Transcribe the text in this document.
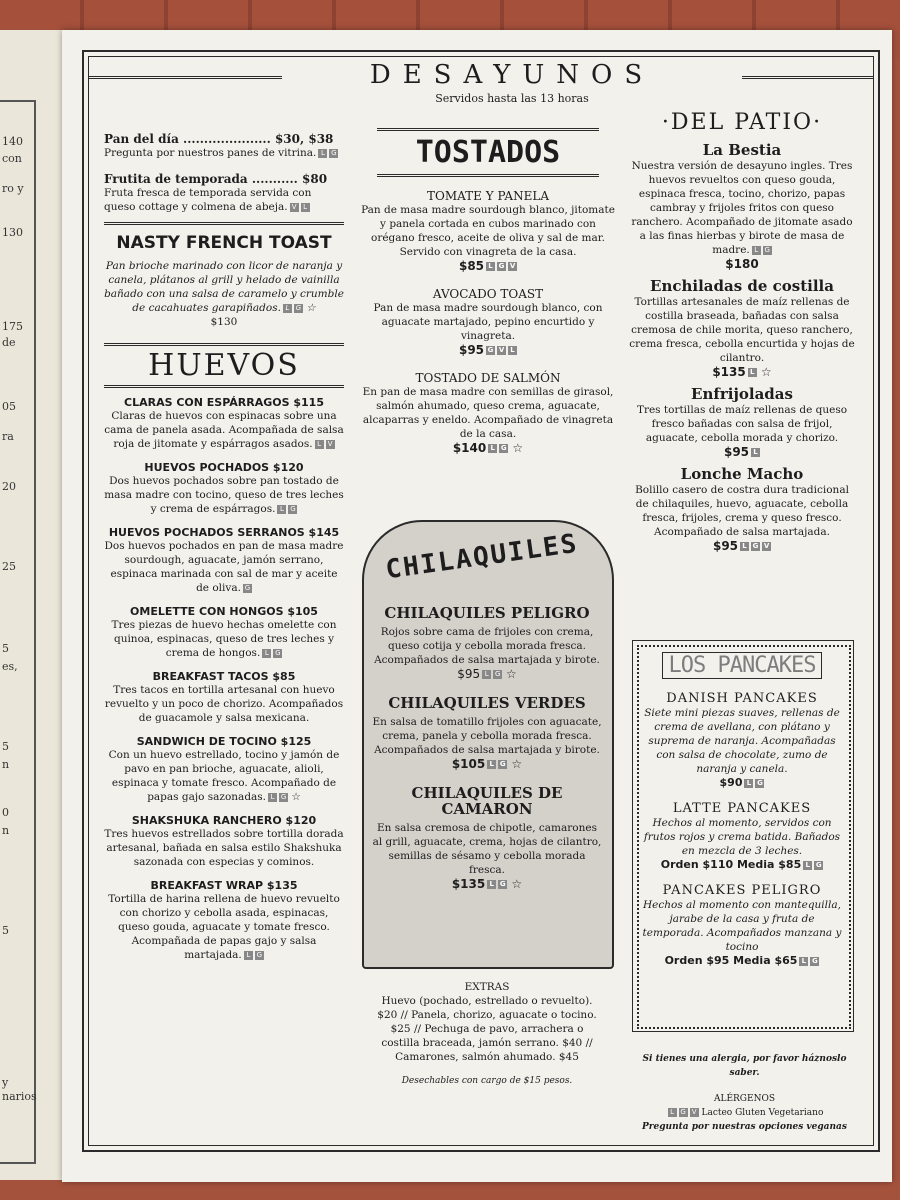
140
con
ro y
130
175
de
05
ra
20
25
5
es,
5
n
0
n
5
y
narios
DESAYUNOS
Servidos hasta las 13 horas
Pan del día ..................... $30, $38
Pregunta por nuestros panes de vitrina. L G
Frutita de temporada ........... $80
Fruta fresca de temporada servida con queso cottage y colmena de abeja. V L
NASTY FRENCH TOAST
Pan brioche marinado con licor de naranja y canela, plátanos al grill y helado de vainilla bañado con una salsa de caramelo y crumble de cacahuates garapiñados. L G ☆
$130
HUEVOS
CLARAS CON ESPÁRRAGOS $115
Claras de huevos con espinacas sobre una cama de panela asada. Acompañada de salsa roja de jitomate y espárragos asados. L V
HUEVOS POCHADOS $120
Dos huevos pochados sobre pan tostado de masa madre con tocino, queso de tres leches y crema de espárragos. L G
HUEVOS POCHADOS SERRANOS $145
Dos huevos pochados en pan de masa madre sourdough, aguacate, jamón serrano, espinaca marinada con sal de mar y aceite de oliva. G
OMELETTE CON HONGOS $105
Tres piezas de huevo hechas omelette con quinoa, espinacas, queso de tres leches y crema de hongos. L G
BREAKFAST TACOS $85
Tres tacos en tortilla artesanal con huevo revuelto y un poco de chorizo. Acompañados de guacamole y salsa mexicana.
SANDWICH DE TOCINO $125
Con un huevo estrellado, tocino y jamón de pavo en pan brioche, aguacate, alioli, espinaca y tomate fresco. Acompañado de papas gajo sazonadas. L G ☆
SHAKSHUKA RANCHERO $120
Tres huevos estrellados sobre tortilla dorada artesanal, bañada en salsa estilo Shakshuka sazonada con especias y cominos.
BREAKFAST WRAP $135
Tortilla de harina rellena de huevo revuelto con chorizo y cebolla asada, espinacas, queso gouda, aguacate y tomate fresco. Acompañada de papas gajo y salsa martajada. L G
TOSTADOS
TOMATE Y PANELA
Pan de masa madre sourdough blanco, jitomate y panela cortada en cubos marinado con orégano fresco, aceite de oliva y sal de mar. Servido con vinagreta de la casa.
$85 L G V
AVOCADO TOAST
Pan de masa madre sourdough blanco, con aguacate martajado, pepino encurtido y vinagreta.
$95 G V L
TOSTADO DE SALMÓN
En pan de masa madre con semillas de girasol, salmón ahumado, queso crema, aguacate, alcaparras y eneldo. Acompañado de vinagreta de la casa.
$140 L G ☆
CHILAQUILES
CHILAQUILES PELIGRO
Rojos sobre cama de frijoles con crema, queso cotija y cebolla morada fresca. Acompañados de salsa martajada y birote.
$95 L G ☆
CHILAQUILES VERDES
En salsa de tomatillo frijoles con aguacate, crema, panela y cebolla morada fresca. Acompañados de salsa martajada y birote.
$105 L G ☆
CHILAQUILES DE CAMARON
En salsa cremosa de chipotle, camarones al grill, aguacate, crema, hojas de cilantro, semillas de sésamo y cebolla morada fresca.
$135 L G ☆
EXTRAS
Huevo (pochado, estrellado o revuelto). $20 // Panela, chorizo, aguacate o tocino. $25 // Pechuga de pavo, arrachera o costilla braceada, jamón serrano. $40 // Camarones, salmón ahumado. $45
Desechables con cargo de $15 pesos.
·DEL PATIO·
La Bestia
Nuestra versión de desayuno ingles. Tres huevos revueltos con queso gouda, espinaca fresca, tocino, chorizo, papas cambray y frijoles fritos con queso ranchero. Acompañado de jitomate asado a las finas hierbas y birote de masa de madre. L G
$180
Enchiladas de costilla
Tortillas artesanales de maíz rellenas de costilla braseada, bañadas con salsa cremosa de chile morita, queso ranchero, crema fresca, cebolla encurtida y hojas de cilantro.
$135 L ☆
Enfrijoladas
Tres tortillas de maíz rellenas de queso fresco bañadas con salsa de frijol, aguacate, cebolla morada y chorizo.
$95 L
Lonche Macho
Bolillo casero de costra dura tradicional de chilaquiles, huevo, aguacate, cebolla fresca, frijoles, crema y queso fresco. Acompañado de salsa martajada.
$95 L G V
LOS PANCAKES
DANISH PANCAKES
Siete mini piezas suaves, rellenas de crema de avellana, con plátano y suprema de naranja. Acompañadas con salsa de chocolate, zumo de naranja y canela.
$90 L G
LATTE PANCAKES
Hechos al momento, servidos con frutos rojos y crema batida. Bañados en mezcla de 3 leches.
Orden $110 Media $85 L G
PANCAKES PELIGRO
Hechos al momento con mantequilla, jarabe de la casa y fruta de temporada. Acompañados manzana y tocino
Orden $95 Media $65 L G
Si tienes una alergia, por favor háznoslo saber.
ALÉRGENOS
L G V Lacteo Gluten Vegetariano
Pregunta por nuestras opciones veganas
